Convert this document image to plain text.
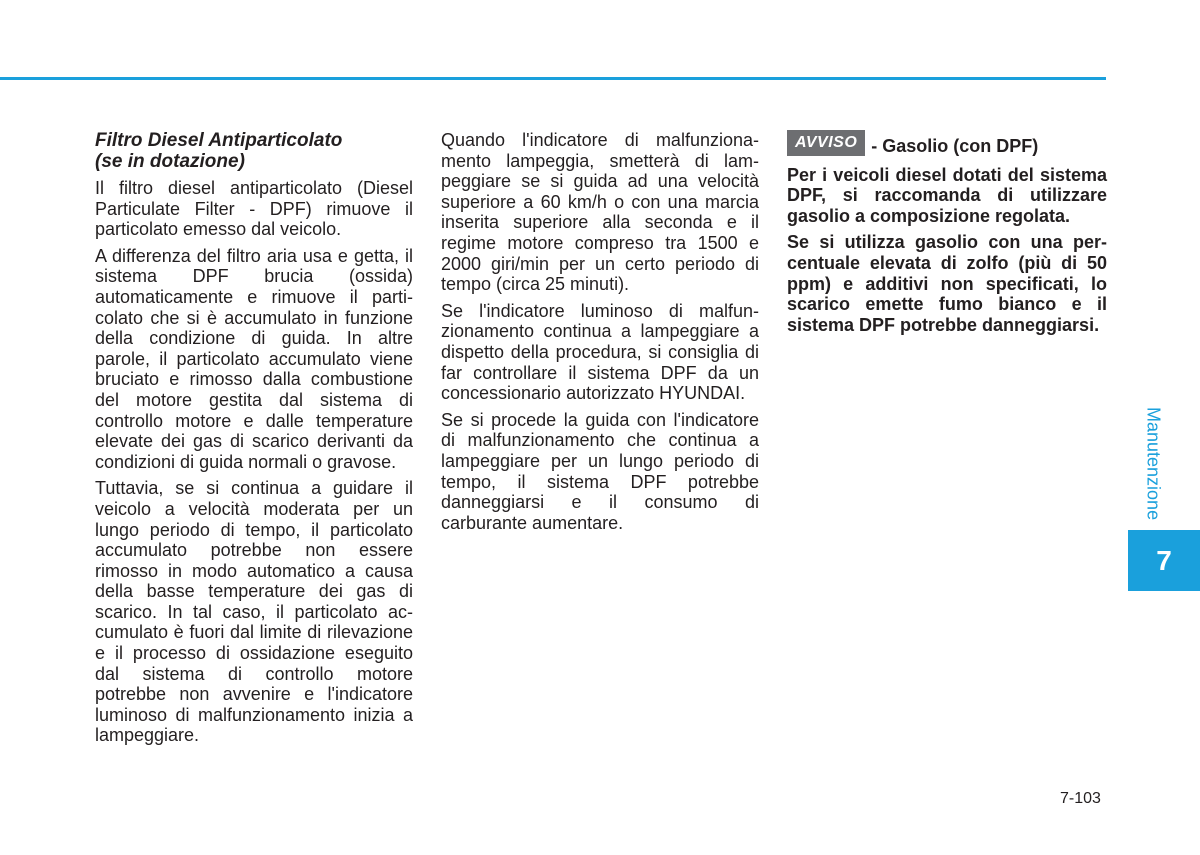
Filtro Diesel Antiparticolato
(se in dotazione)

Il filtro diesel antiparticolato (Diesel Particulate Filter - DPF) rimuove il particolato emesso dal veicolo.

A differenza del filtro aria usa e getta, il sistema DPF brucia (ossida) automaticamente e rimuove il particolato che si è accumulato in funzione della condizione di guida. In altre parole, il particolato accumulato viene bruciato e rimosso dalla combustione del motore gestita dal sistema di controllo motore e dalle temperature elevate dei gas di scarico derivanti da condizioni di guida normali o gravose.

Tuttavia, se si continua a guidare il veicolo a velocità moderata per un lungo periodo di tempo, il particolato accumulato potrebbe non essere rimosso in modo automatico a causa della basse temperature dei gas di scarico. In tal caso, il particolato accumulato è fuori dal limite di rilevazione e il processo di ossidazione eseguito dal sistema di controllo motore potrebbe non avvenire e l'indicatore luminoso di malfunzionamento inizia a lampeggiare.

Quando l'indicatore di malfunzionamento lampeggia, smetterà di lampeggiare se si guida ad una velocità superiore a 60 km/h o con una marcia inserita superiore alla seconda e il regime motore compreso tra 1500 e 2000 giri/min per un certo periodo di tempo (circa 25 minuti).

Se l'indicatore luminoso di malfunzionamento continua a lampeggiare a dispetto della procedura, si consiglia di far controllare il sistema DPF da un concessionario autorizzato HYUNDAI.

Se si procede la guida con l'indicatore di malfunzionamento che continua a lampeggiare per un lungo periodo di tempo, il sistema DPF potrebbe danneggiarsi e il consumo di carburante aumentare.

AVVISO - Gasolio (con DPF)

Per i veicoli diesel dotati del sistema DPF, si raccomanda di utilizzare gasolio a composizione regolata.

Se si utilizza gasolio con una percentuale elevata di zolfo (più di 50 ppm) e additivi non specificati, lo scarico emette fumo bianco e il sistema DPF potrebbe danneggiarsi.

Manutenzione
7
7-103
